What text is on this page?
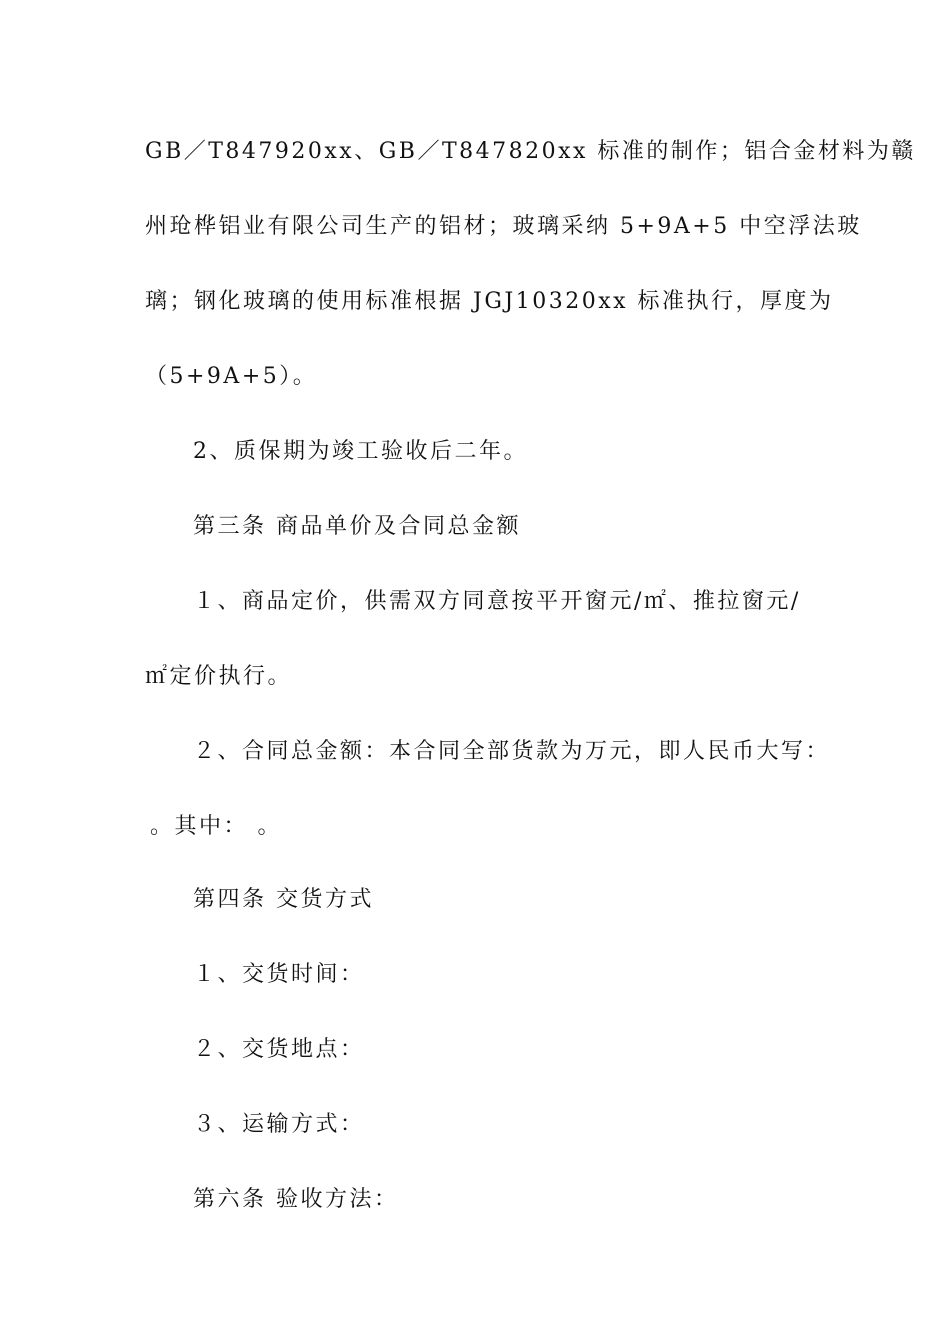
GB／T847920xx、GB／T847820xx 标准的制作；铝合金材料为赣
州玱桦铝业有限公司生产的铝材；玻璃采纳 5+9A+5 中空浮法玻
璃；钢化玻璃的使用标准根据 JGJ10320xx 标准执行，厚度为
（5+9A+5）。
2、质保期为竣工验收后二年。
第三条 商品单价及合同总金额
１、商品定价，供需双方同意按平开窗元/㎡、推拉窗元/
㎡定价执行。
２、合同总金额：本合同全部货款为万元，即人民币大写：
。其中： 。
第四条 交货方式
１、交货时间：
２、交货地点：
３、运输方式：
第六条 验收方法：
